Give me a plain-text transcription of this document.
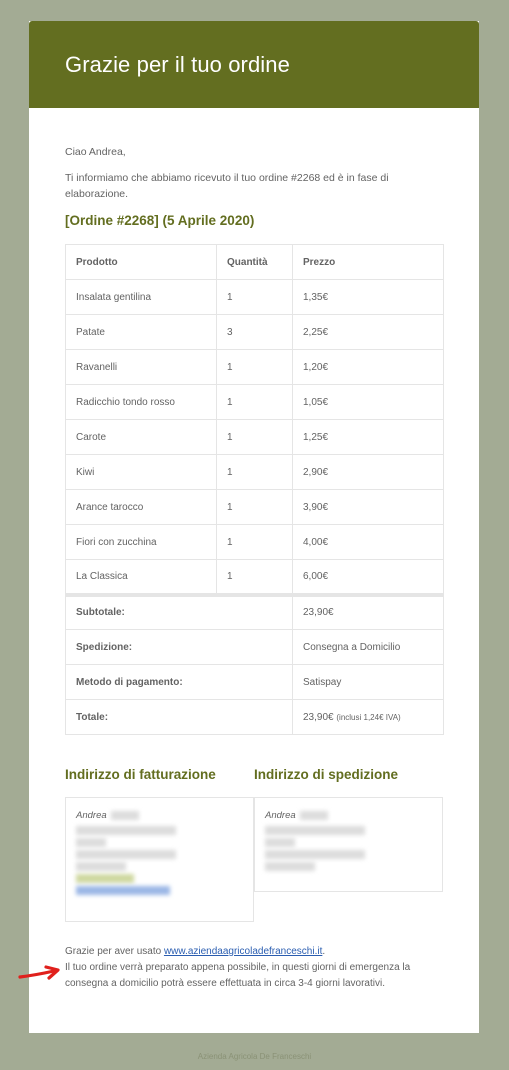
Grazie per il tuo ordine

Ciao Andrea,

Ti informiamo che abbiamo ricevuto il tuo ordine #2268 ed è in fase di elaborazione.

[Ordine #2268] (5 Aprile 2020)
Prodotto	Quantità	Prezzo
Insalata gentilina	1	1,35€
Patate	3	2,25€
Ravanelli	1	1,20€
Radicchio tondo rosso	1	1,05€
Carote	1	1,25€
Kiwi	1	2,90€
Arance tarocco	1	3,90€
Fiori con zucchina	1	4,00€
La Classica	1	6,00€
Subtotale:		23,90€
Spedizione:		Consegna a Domicilio
Metodo di pagamento:		Satispay
Totale:		23,90€ (inclusi 1,24€ IVA)
Indirizzo di fatturazione	Indirizzo di spedizione
Andrea	Andrea
Grazie per aver usato www.aziendaagricoladefranceschi.it.
Il tuo ordine verrà preparato appena possibile, in questi giorni di emergenza la consegna a domicilio potrà essere effettuata in circa 3-4 giorni lavorativi.
Azienda Agricola De Franceschi
